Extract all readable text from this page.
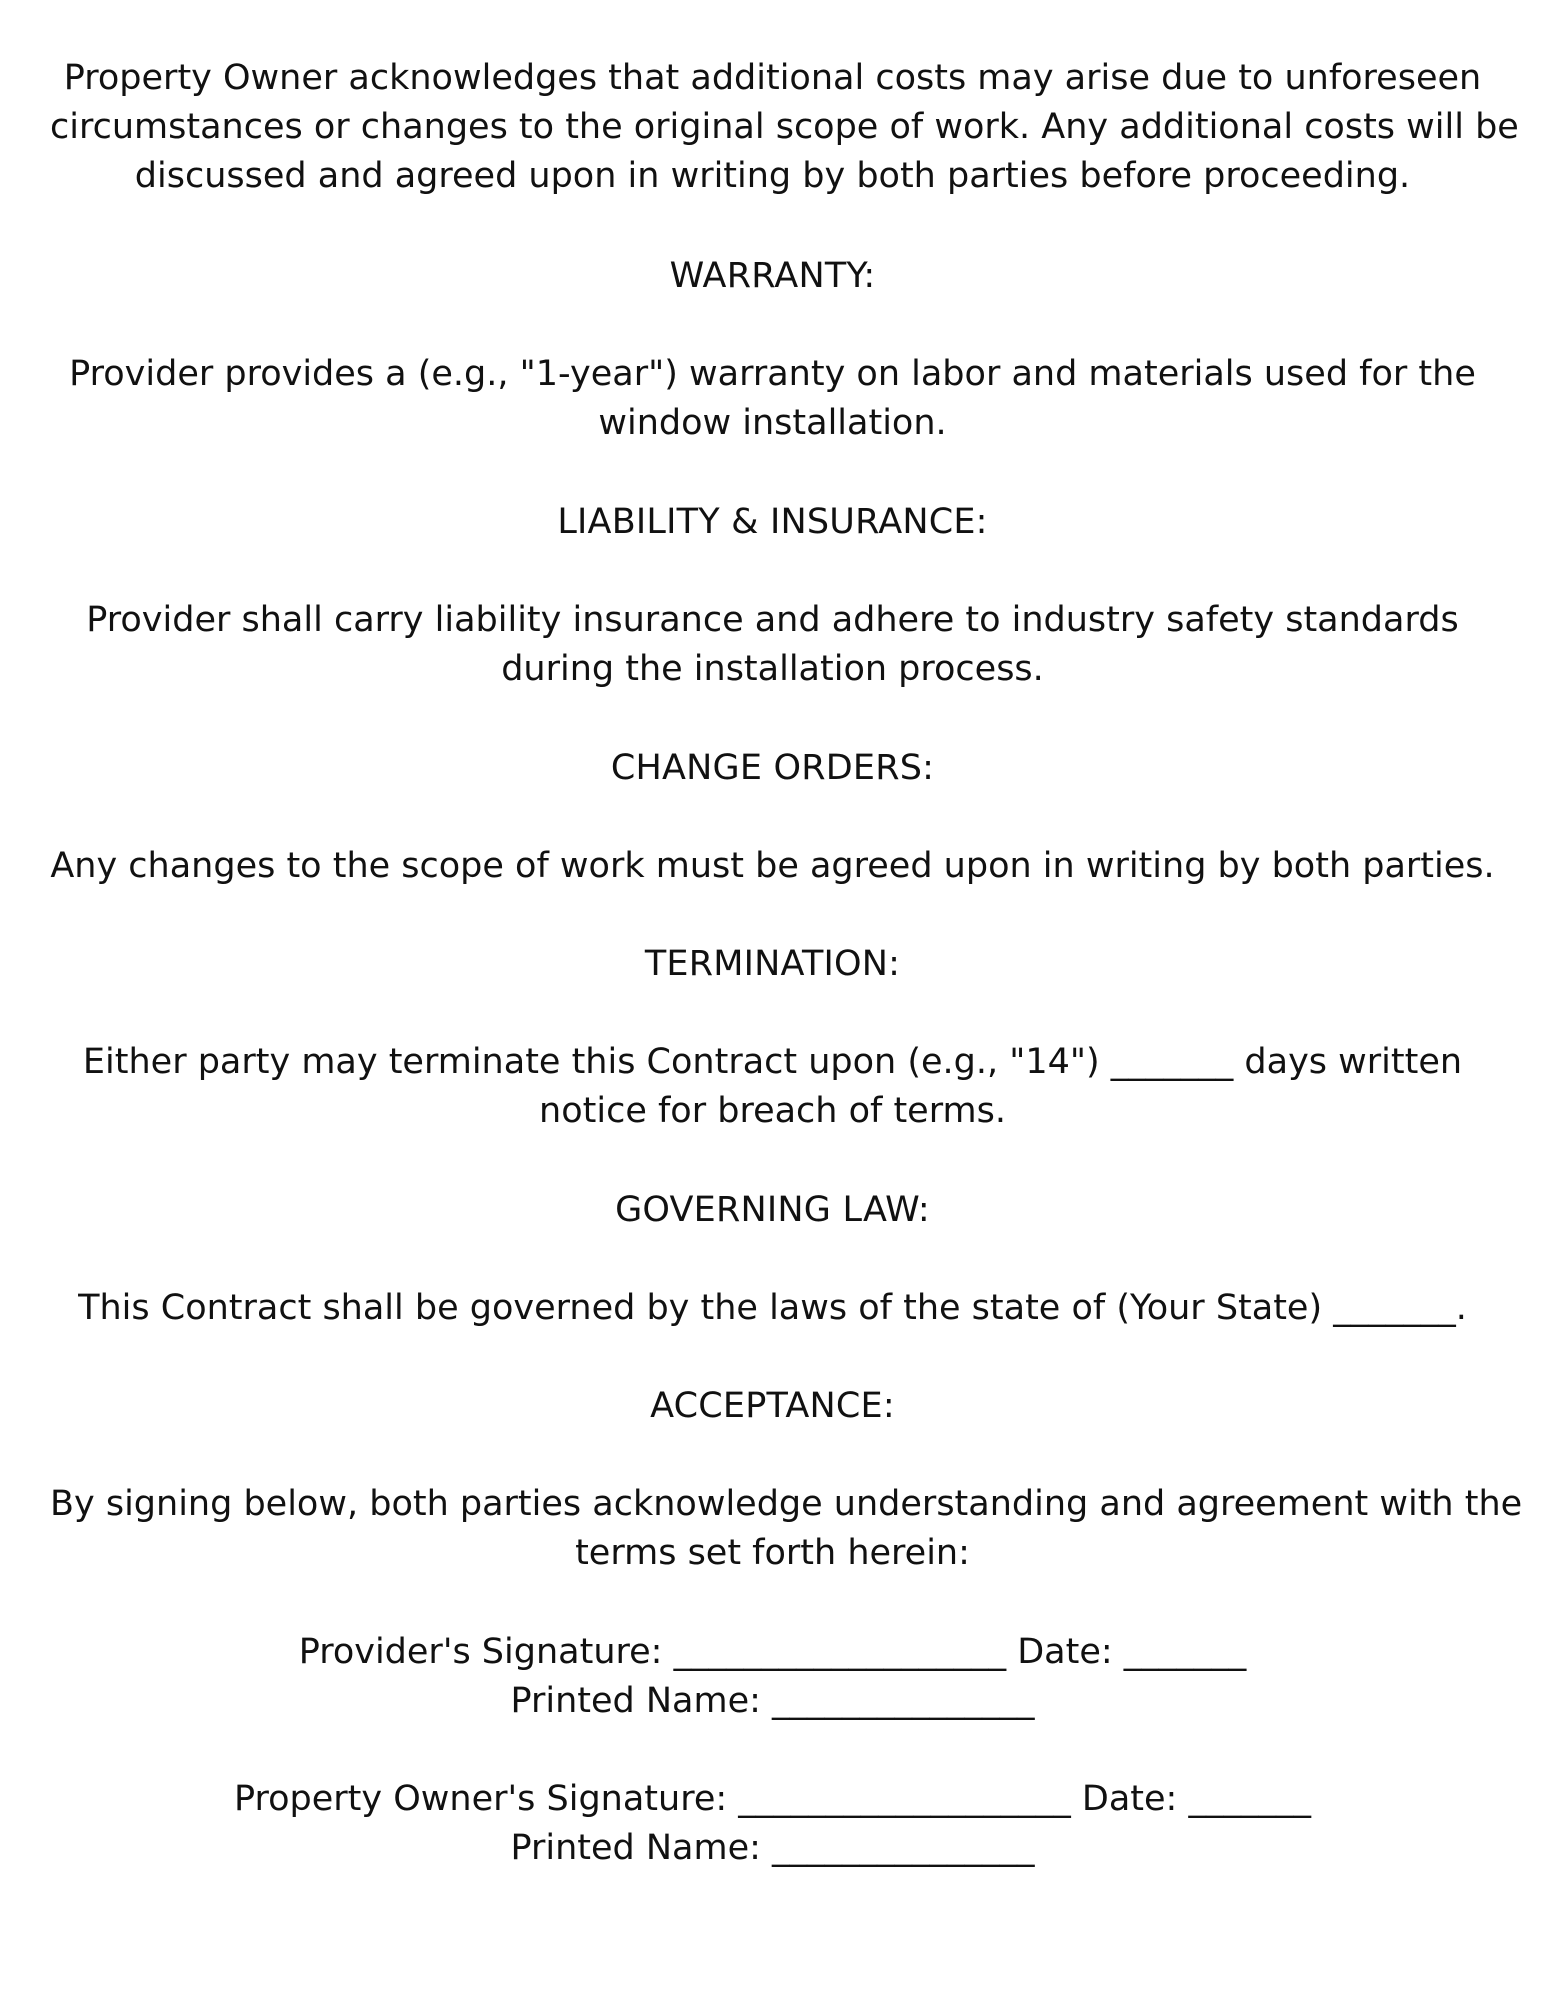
Property Owner acknowledges that additional costs may arise due to unforeseen
circumstances or changes to the original scope of work. Any additional costs will be
discussed and agreed upon in writing by both parties before proceeding.

WARRANTY:

Provider provides a (e.g., "1-year") warranty on labor and materials used for the
window installation.

LIABILITY & INSURANCE:

Provider shall carry liability insurance and adhere to industry safety standards
during the installation process.

CHANGE ORDERS:

Any changes to the scope of work must be agreed upon in writing by both parties.

TERMINATION:

Either party may terminate this Contract upon (e.g., "14") _______ days written
notice for breach of terms.

GOVERNING LAW:

This Contract shall be governed by the laws of the state of (Your State) _______.

ACCEPTANCE:

By signing below, both parties acknowledge understanding and agreement with the
terms set forth herein:

Provider's Signature: ___________________ Date: _______
Printed Name: _______________
Property Owner's Signature: ___________________ Date: _______
Printed Name: _______________
